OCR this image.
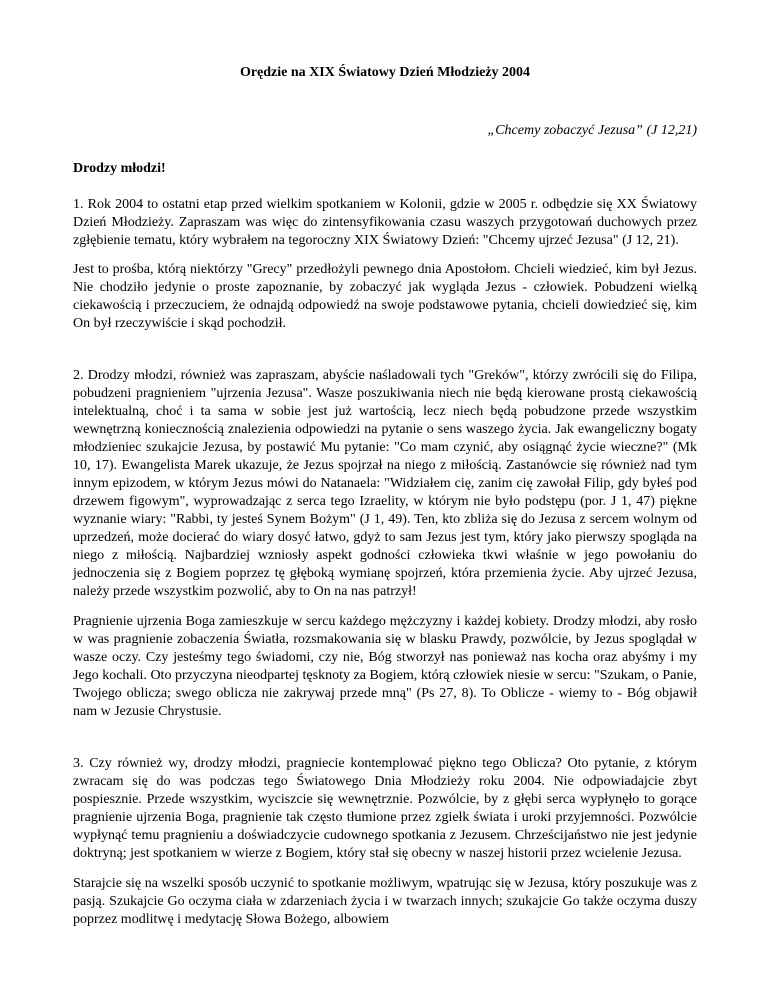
Orędzie na XIX Światowy Dzień Młodzieży 2004

„Chcemy zobaczyć Jezusa” (J 12,21)

Drodzy młodzi!

1. Rok 2004 to ostatni etap przed wielkim spotkaniem w Kolonii, gdzie w 2005 r. odbędzie się XX Światowy Dzień Młodzieży. Zapraszam was więc do zintensyfikowania czasu waszych przygotowań duchowych przez zgłębienie tematu, który wybrałem na tegoroczny XIX Światowy Dzień: "Chcemy ujrzeć Jezusa" (J 12, 21).

Jest to prośba, którą niektórzy "Grecy" przedłożyli pewnego dnia Apostołom. Chcieli wiedzieć, kim był Jezus. Nie chodziło jedynie o proste zapoznanie, by zobaczyć jak wygląda Jezus - człowiek. Pobudzeni wielką ciekawością i przeczuciem, że odnajdą odpowiedź na swoje podstawowe pytania, chcieli dowiedzieć się, kim On był rzeczywiście i skąd pochodził.

2. Drodzy młodzi, również was zapraszam, abyście naśladowali tych "Greków", którzy zwrócili się do Filipa, pobudzeni pragnieniem "ujrzenia Jezusa". Wasze poszukiwania niech nie będą kierowane prostą ciekawością intelektualną, choć i ta sama w sobie jest już wartością, lecz niech będą pobudzone przede wszystkim wewnętrzną koniecznością znalezienia odpowiedzi na pytanie o sens waszego życia. Jak ewangeliczny bogaty młodzieniec szukajcie Jezusa, by postawić Mu pytanie: "Co mam czynić, aby osiągnąć życie wieczne?" (Mk 10, 17). Ewangelista Marek ukazuje, że Jezus spojrzał na niego z miłością. Zastanówcie się również nad tym innym epizodem, w którym Jezus mówi do Natanaela: "Widziałem cię, zanim cię zawołał Filip, gdy byłeś pod drzewem figowym", wyprowadzając z serca tego Izraelity, w którym nie było podstępu (por. J 1, 47) piękne wyznanie wiary: "Rabbi, ty jesteś Synem Bożym" (J 1, 49). Ten, kto zbliża się do Jezusa z sercem wolnym od uprzedzeń, może docierać do wiary dosyć łatwo, gdyż to sam Jezus jest tym, który jako pierwszy spogląda na niego z miłością. Najbardziej wzniosły aspekt godności człowieka tkwi właśnie w jego powołaniu do jednoczenia się z Bogiem poprzez tę głęboką wymianę spojrzeń, która przemienia życie. Aby ujrzeć Jezusa, należy przede wszystkim pozwolić, aby to On na nas patrzył!

Pragnienie ujrzenia Boga zamieszkuje w sercu każdego mężczyzny i każdej kobiety. Drodzy młodzi, aby rosło w was pragnienie zobaczenia Światła, rozsmakowania się w blasku Prawdy, pozwólcie, by Jezus spoglądał w wasze oczy. Czy jesteśmy tego świadomi, czy nie, Bóg stworzył nas ponieważ nas kocha oraz abyśmy i my Jego kochali. Oto przyczyna nieodpartej tęsknoty za Bogiem, którą człowiek niesie w sercu: "Szukam, o Panie, Twojego oblicza; swego oblicza nie zakrywaj przede mną" (Ps 27, 8). To Oblicze - wiemy to - Bóg objawił nam w Jezusie Chrystusie.

3. Czy również wy, drodzy młodzi, pragniecie kontemplować piękno tego Oblicza? Oto pytanie, z którym zwracam się do was podczas tego Światowego Dnia Młodzieży roku 2004. Nie odpowiadajcie zbyt pospiesznie. Przede wszystkim, wyciszcie się wewnętrznie. Pozwólcie, by z głębi serca wypłynęło to gorące pragnienie ujrzenia Boga, pragnienie tak często tłumione przez zgiełk świata i uroki przyjemności. Pozwólcie wypłynąć temu pragnieniu a doświadczycie cudownego spotkania z Jezusem. Chrześcijaństwo nie jest jedynie doktryną; jest spotkaniem w wierze z Bogiem, który stał się obecny w naszej historii przez wcielenie Jezusa.

Starajcie się na wszelki sposób uczynić to spotkanie możliwym, wpatrując się w Jezusa, który poszukuje was z pasją. Szukajcie Go oczyma ciała w zdarzeniach życia i w twarzach innych; szukajcie Go także oczyma duszy poprzez modlitwę i medytację Słowa Bożego, albowiem
